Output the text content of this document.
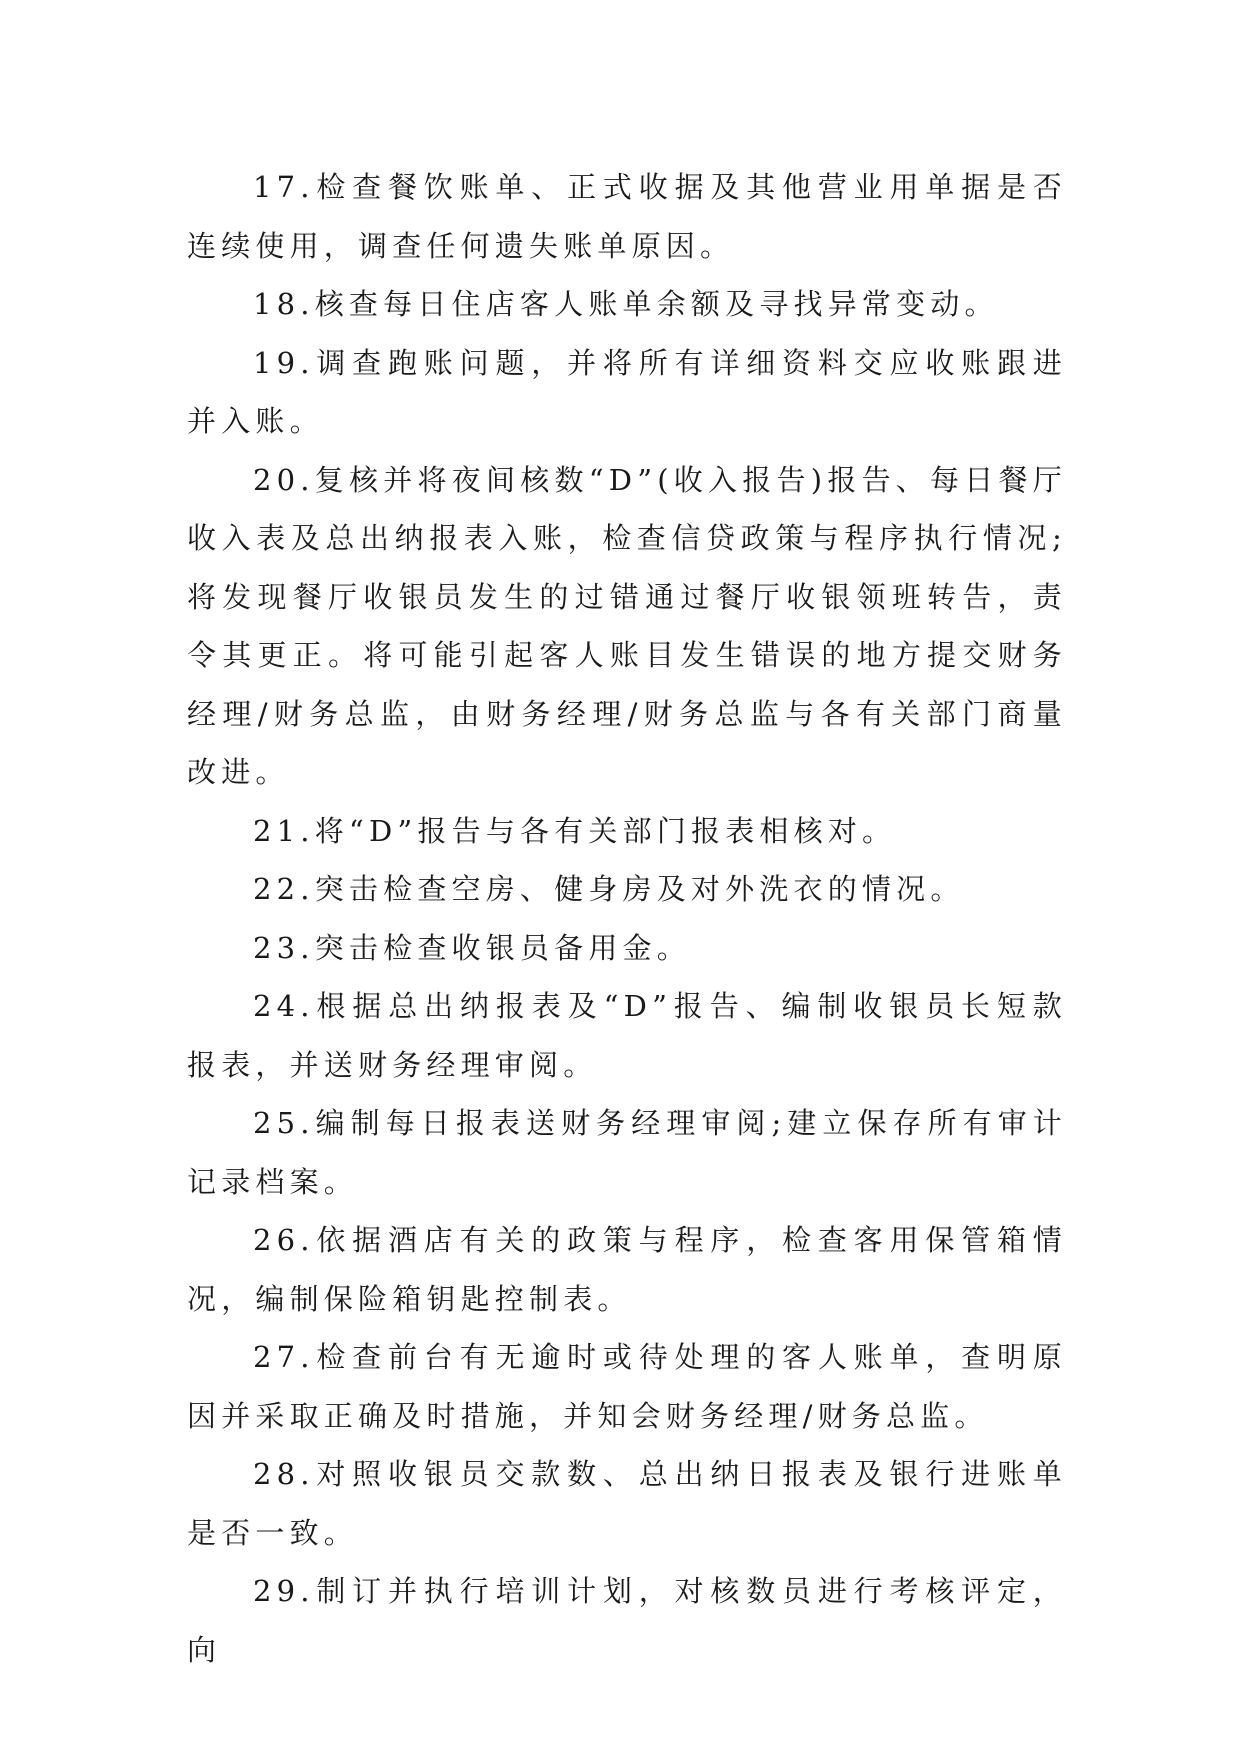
17.检查餐饮账单、正式收据及其他营业用单据是否连续使用，调查任何遗失账单原因。

18.核查每日住店客人账单余额及寻找异常变动。

19.调查跑账问题，并将所有详细资料交应收账跟进并入账。

20.复核并将夜间核数“D”(收入报告)报告、每日餐厅收入表及总出纳报表入账，检查信贷政策与程序执行情况;将发现餐厅收银员发生的过错通过餐厅收银领班转告，责令其更正。将可能引起客人账目发生错误的地方提交财务经理/财务总监，由财务经理/财务总监与各有关部门商量改进。

21.将“D”报告与各有关部门报表相核对。

22.突击检查空房、健身房及对外洗衣的情况。

23.突击检查收银员备用金。

24.根据总出纳报表及“D”报告、编制收银员长短款报表，并送财务经理审阅。

25.编制每日报表送财务经理审阅;建立保存所有审计记录档案。

26.依据酒店有关的政策与程序，检查客用保管箱情况，编制保险箱钥匙控制表。

27.检查前台有无逾时或待处理的客人账单，查明原因并采取正确及时措施，并知会财务经理/财务总监。

28.对照收银员交款数、总出纳日报表及银行进账单是否一致。

29.制订并执行培训计划，对核数员进行考核评定，向
